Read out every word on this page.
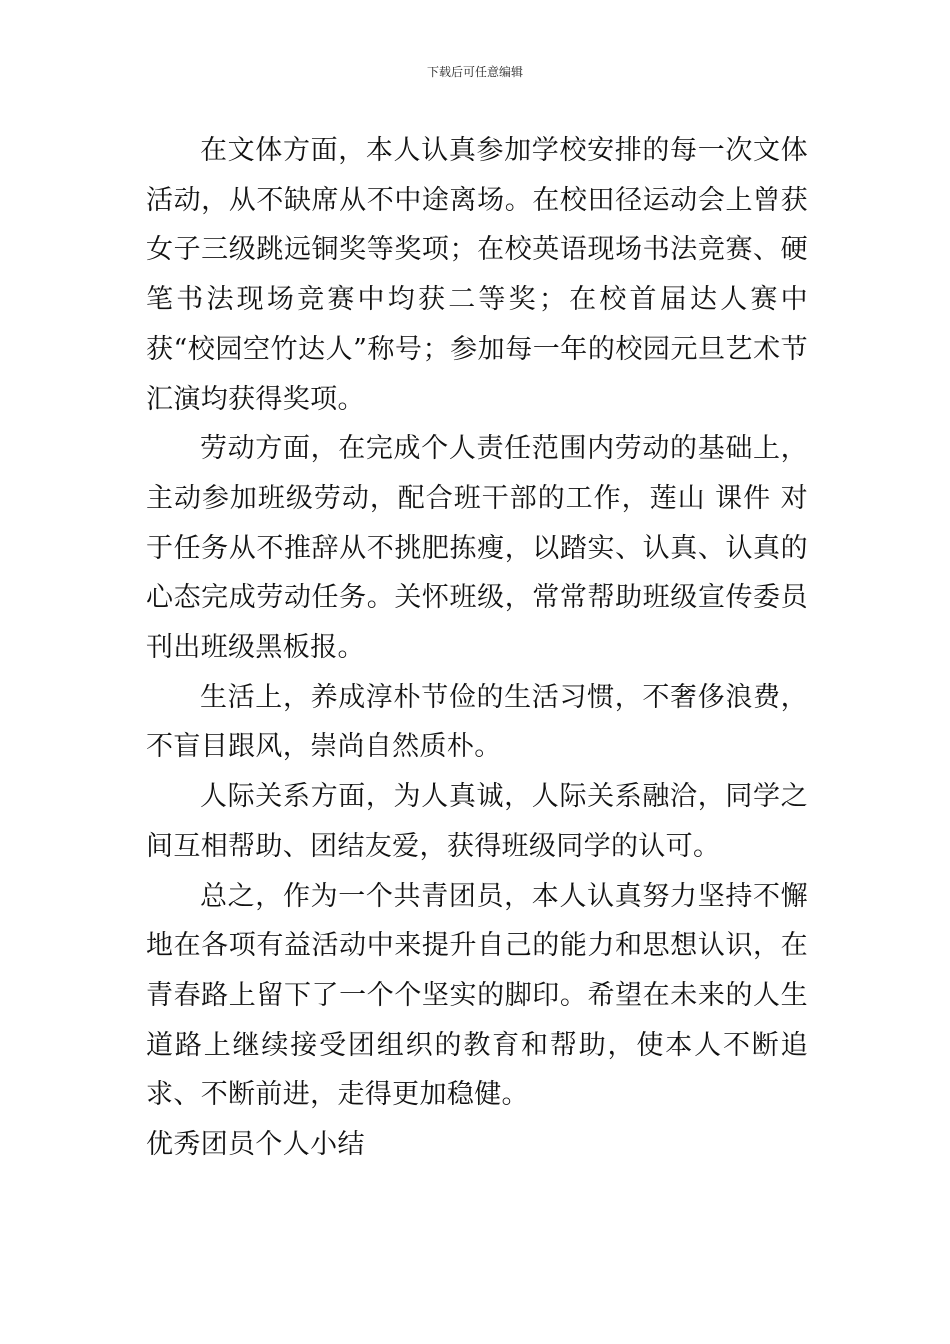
下载后可任意编辑

在文体方面，本人认真参加学校安排的每一次文体活动，从不缺席从不中途离场。在校田径运动会上曾获女子三级跳远铜奖等奖项；在校英语现场书法竞赛、硬笔书法现场竞赛中均获二等奖；在校首届达人赛中获“校园空竹达人”称号；参加每一年的校园元旦艺术节汇演均获得奖项。

劳动方面，在完成个人责任范围内劳动的基础上，主动参加班级劳动，配合班干部的工作，莲山 课件 对于任务从不推辞从不挑肥拣瘦，以踏实、认真、认真的心态完成劳动任务。关怀班级，常常帮助班级宣传委员刊出班级黑板报。

生活上，养成淳朴节俭的生活习惯，不奢侈浪费，不盲目跟风，崇尚自然质朴。

人际关系方面，为人真诚，人际关系融洽，同学之间互相帮助、团结友爱，获得班级同学的认可。

总之，作为一个共青团员，本人认真努力坚持不懈地在各项有益活动中来提升自己的能力和思想认识，在青春路上留下了一个个坚实的脚印。希望在未来的人生道路上继续接受团组织的教育和帮助，使本人不断追求、不断前进，走得更加稳健。

优秀团员个人小结
